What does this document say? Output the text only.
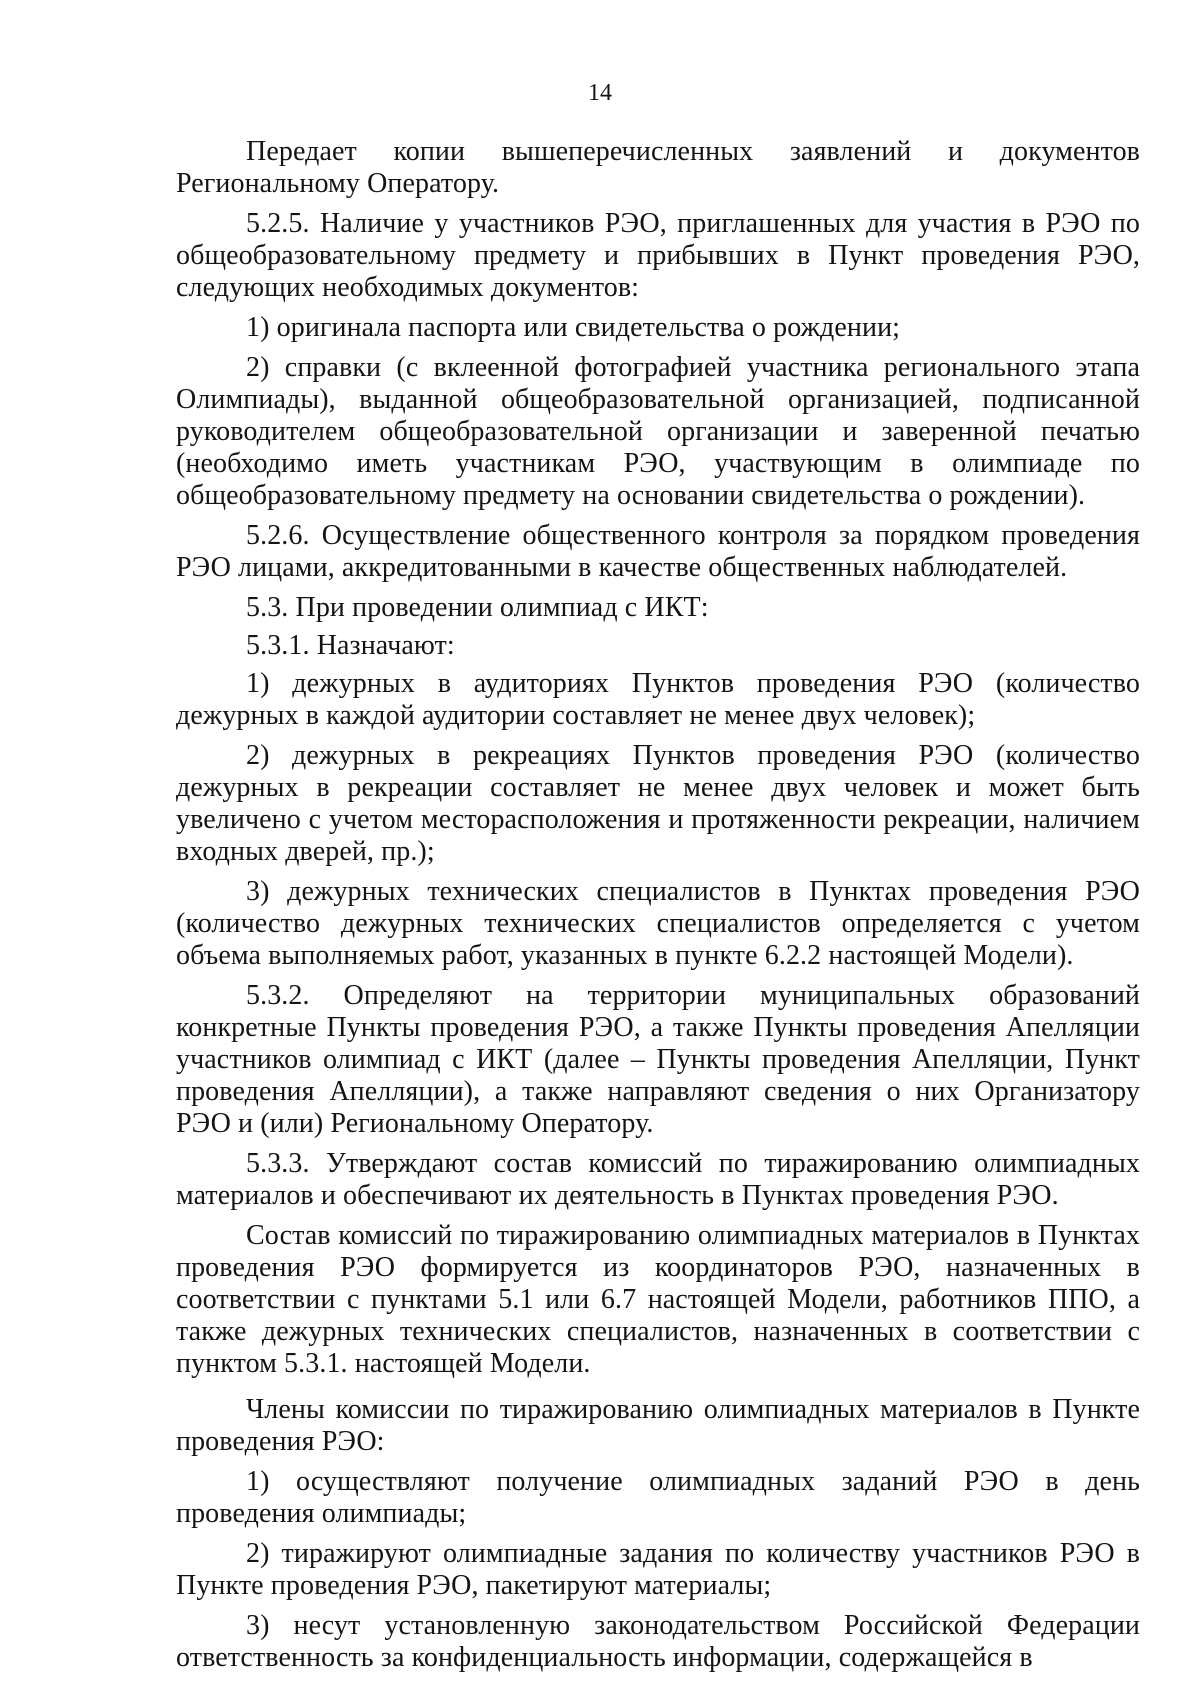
14

Передает копии вышеперечисленных заявлений и документов Региональному Оператору.

5.2.5. Наличие у участников РЭО, приглашенных для участия в РЭО по общеобразовательному предмету и прибывших в Пункт проведения РЭО, следующих необходимых документов:

1) оригинала паспорта или свидетельства о рождении;

2) справки (с вклеенной фотографией участника регионального этапа Олимпиады), выданной общеобразовательной организацией, подписанной руководителем общеобразовательной организации и заверенной печатью (необходимо иметь участникам РЭО, участвующим в олимпиаде по общеобразовательному предмету на основании свидетельства о рождении).

5.2.6. Осуществление общественного контроля за порядком проведения РЭО лицами, аккредитованными в качестве общественных наблюдателей.

5.3. При проведении олимпиад с ИКТ:

5.3.1. Назначают:

1) дежурных в аудиториях Пунктов проведения РЭО (количество дежурных в каждой аудитории составляет не менее двух человек);

2) дежурных в рекреациях Пунктов проведения РЭО (количество дежурных в рекреации составляет не менее двух человек и может быть увеличено с учетом месторасположения и протяженности рекреации, наличием входных дверей, пр.);

3) дежурных технических специалистов в Пунктах проведения РЭО (количество дежурных технических специалистов определяется с учетом объема выполняемых работ, указанных в пункте 6.2.2 настоящей Модели).

5.3.2. Определяют на территории муниципальных образований конкретные Пункты проведения РЭО, а также Пункты проведения Апелляции участников олимпиад с ИКТ (далее – Пункты проведения Апелляции, Пункт проведения Апелляции), а также направляют сведения о них Организатору РЭО и (или) Региональному Оператору.

5.3.3. Утверждают состав комиссий по тиражированию олимпиадных материалов и обеспечивают их деятельность в Пунктах проведения РЭО.

Состав комиссий по тиражированию олимпиадных материалов в Пунктах проведения РЭО формируется из координаторов РЭО, назначенных в соответствии с пунктами 5.1 или 6.7 настоящей Модели, работников ППО, а также дежурных технических специалистов, назначенных в соответствии с пунктом 5.3.1. настоящей Модели.

Члены комиссии по тиражированию олимпиадных материалов в Пункте проведения РЭО:

1) осуществляют получение олимпиадных заданий РЭО в день проведения олимпиады;

2) тиражируют олимпиадные задания по количеству участников РЭО в Пункте проведения РЭО, пакетируют материалы;

3) несут установленную законодательством Российской Федерации ответственность за конфиденциальность информации, содержащейся в
